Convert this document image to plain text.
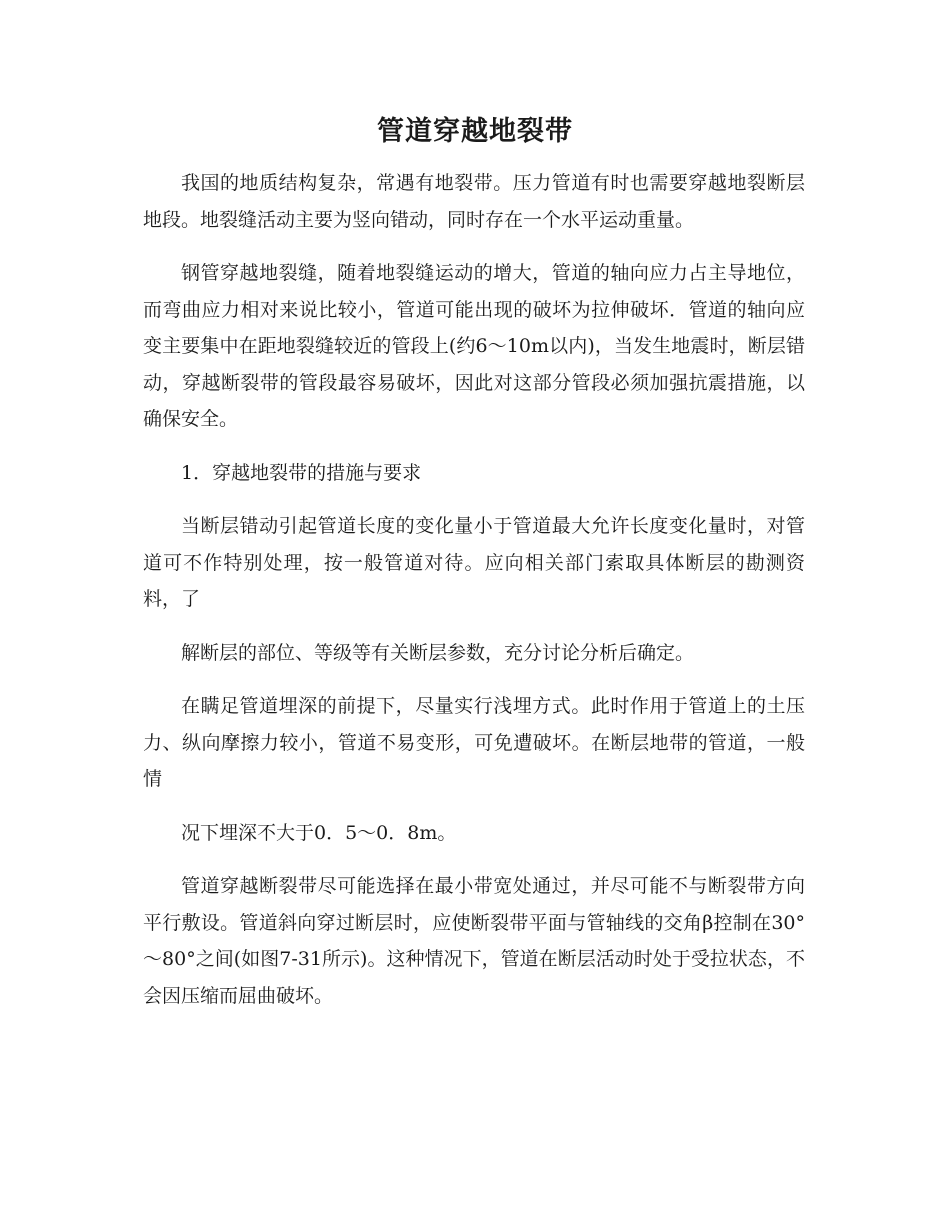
管道穿越地裂带

我国的地质结构复杂，常遇有地裂带。压力管道有时也需要穿越地裂断层地段。地裂缝活动主要为竖向错动，同时存在一个水平运动重量。

钢管穿越地裂缝，随着地裂缝运动的增大，管道的轴向应力占主导地位，而弯曲应力相对来说比较小，管道可能出现的破坏为拉伸破坏．管道的轴向应变主要集中在距地裂缝较近的管段上(约6～10m以内)，当发生地震时，断层错动，穿越断裂带的管段最容易破坏，因此对这部分管段必须加强抗震措施，以确保安全。

1．穿越地裂带的措施与要求

当断层错动引起管道长度的变化量小于管道最大允许长度变化量时，对管道可不作特别处理，按一般管道对待。应向相关部门索取具体断层的勘测资料，了

解断层的部位、等级等有关断层参数，充分讨论分析后确定。

在瞒足管道埋深的前提下，尽量实行浅埋方式。此时作用于管道上的土压力、纵向摩擦力较小，管道不易变形，可免遭破坏。在断层地带的管道，一般情

况下埋深不大于0．5～0．8m。

管道穿越断裂带尽可能选择在最小带宽处通过，并尽可能不与断裂带方向平行敷设。管道斜向穿过断层时，应使断裂带平面与管轴线的交角β控制在30°～80°之间(如图7-31所示)。这种情况下，管道在断层活动时处于受拉状态，不会因压缩而屈曲破坏。
